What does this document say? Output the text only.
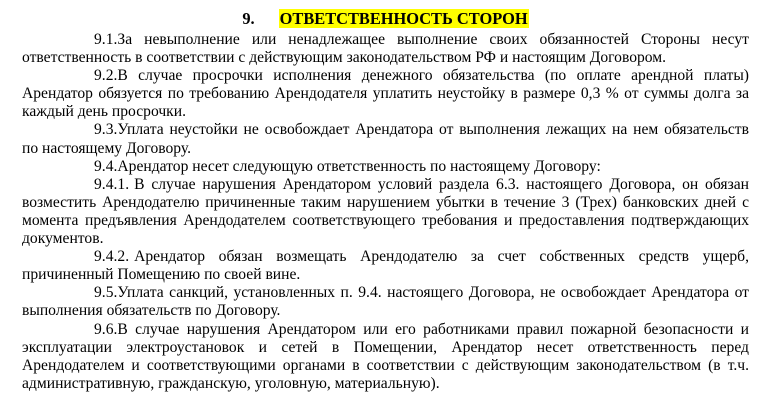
9. ОТВЕТСТВЕННОСТЬ СТОРОН

9.1.За невыполнение или ненадлежащее выполнение своих обязанностей Стороны несут ответственность в соответствии с действующим законодательством РФ и настоящим Договором.

9.2.В случае просрочки исполнения денежного обязательства (по оплате арендной платы) Арендатор обязуется по требованию Арендодателя уплатить неустойку в размере 0,3 % от суммы долга за каждый день просрочки.

9.3.Уплата неустойки не освобождает Арендатора от выполнения лежащих на нем обязательств по настоящему Договору.

9.4.Арендатор несет следующую ответственность по настоящему Договору:

9.4.1. В случае нарушения Арендатором условий раздела 6.3. настоящего Договора, он обязан возместить Арендодателю причиненные таким нарушением убытки в течение 3 (Трех) банковских дней с момента предъявления Арендодателем соответствующего требования и предоставления подтверждающих документов.

9.4.2. Арендатор обязан возмещать Арендодателю за счет собственных средств ущерб, причиненный Помещению по своей вине.

9.5.Уплата санкций, установленных п. 9.4. настоящего Договора, не освобождает Арендатора от выполнения обязательств по Договору.

9.6.В случае нарушения Арендатором или его работниками правил пожарной безопасности и эксплуатации электроустановок и сетей в Помещении, Арендатор несет ответственность перед Арендодателем и соответствующими органами в соответствии с действующим законодательством (в т.ч. административную, гражданскую, уголовную, материальную).
